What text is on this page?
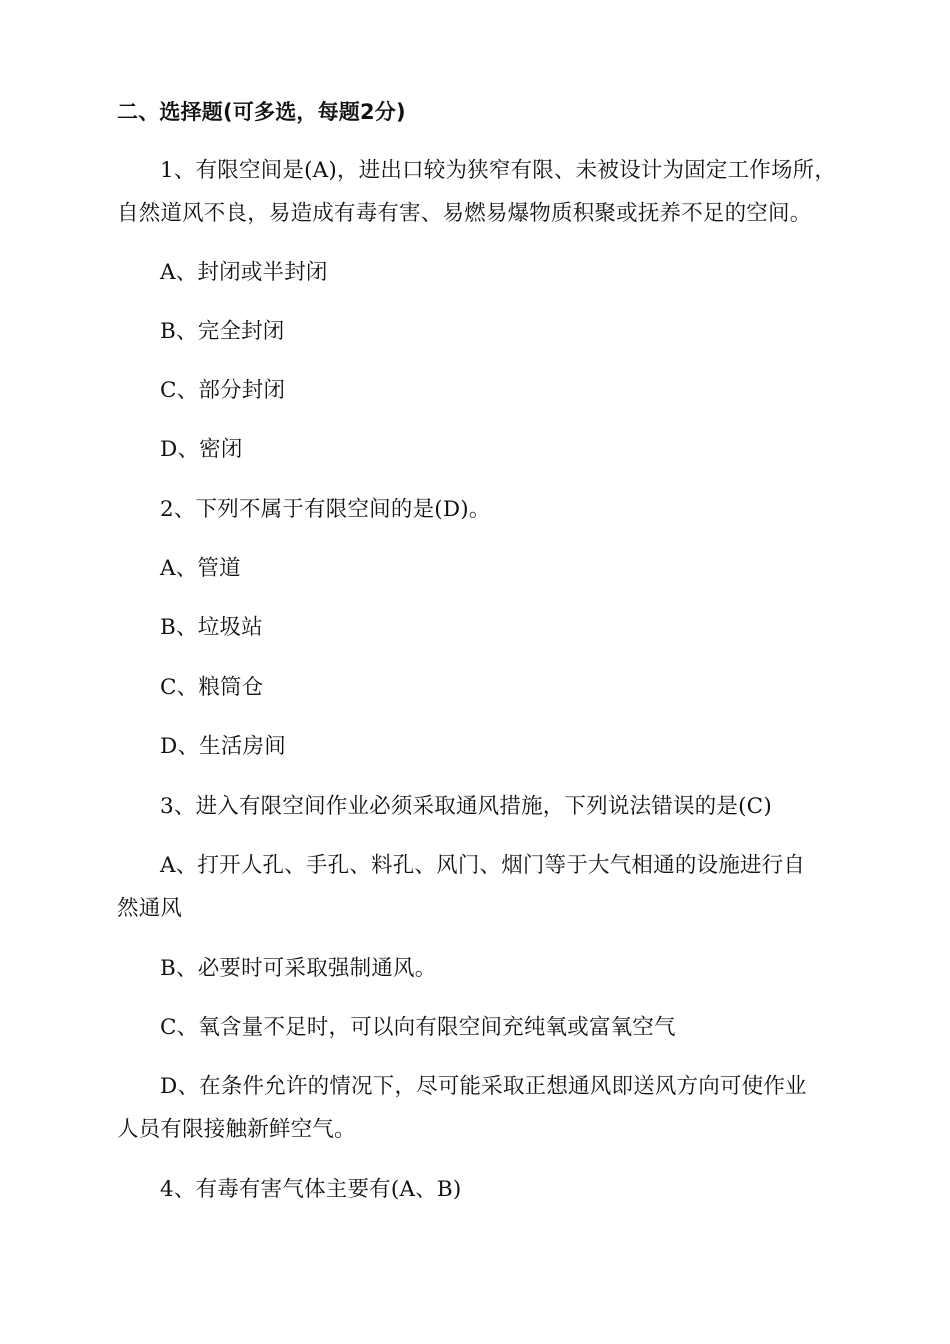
二、选择题(可多选，每题2分)
1、有限空间是(A)，进出口较为狭窄有限、未被设计为固定工作场所，
自然道风不良，易造成有毒有害、易燃易爆物质积聚或抚养不足的空间。
A、封闭或半封闭
B、完全封闭
C、部分封闭
D、密闭
2、下列不属于有限空间的是(D)。
A、管道
B、垃圾站
C、粮筒仓
D、生活房间
3、进入有限空间作业必须采取通风措施，下列说法错误的是(C)
A、打开人孔、手孔、料孔、风门、烟门等于大气相通的设施进行自
然通风
B、必要时可采取强制通风。
C、氧含量不足时，可以向有限空间充纯氧或富氧空气
D、在条件允许的情况下，尽可能采取正想通风即送风方向可使作业
人员有限接触新鲜空气。
4、有毒有害气体主要有(A、B)
